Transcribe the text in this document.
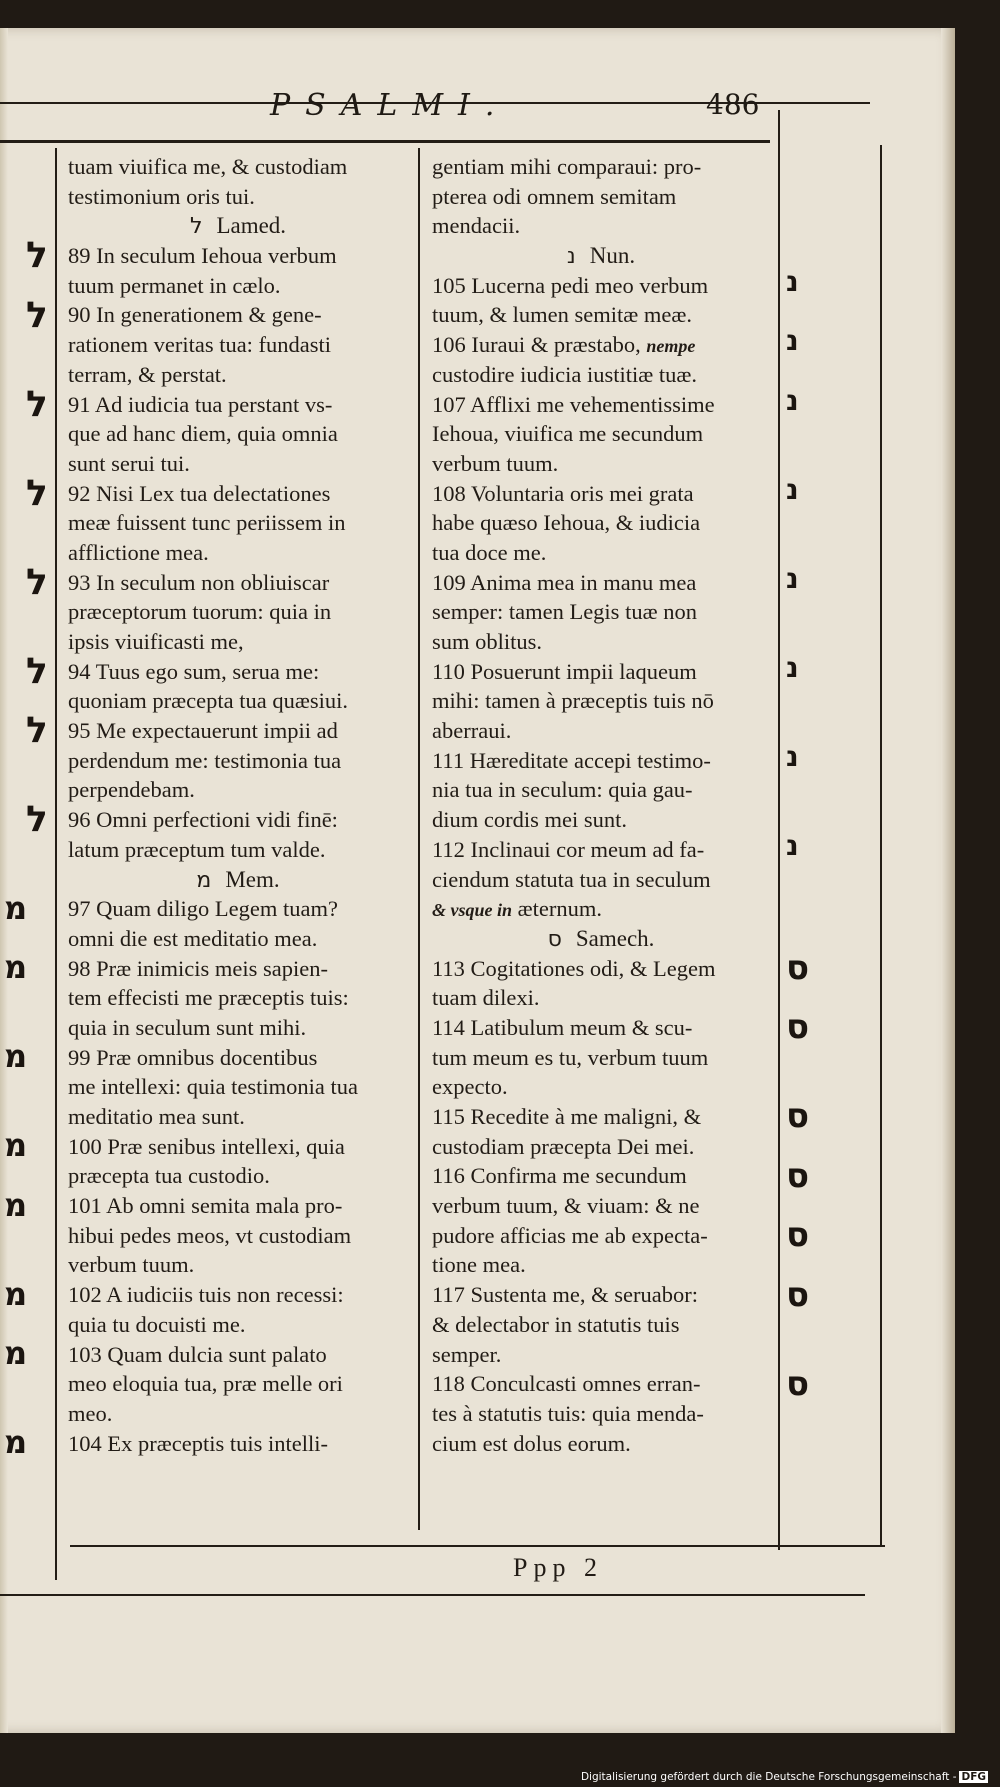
PSALMI.	486
tuam viuifica me, & custodiam
testimonium oris tui.
ל Lamed.
89 In seculum Iehoua verbum
tuum permanet in cælo.
90 In generationem & gene-
rationem veritas tua: fundasti
terram, & perstat.
91 Ad iudicia tua perstant vs-
que ad hanc diem, quia omnia
sunt serui tui.
92 Nisi Lex tua delectationes
meæ fuissent tunc periissem in
afflictione mea.
93 In seculum non obliuiscar
præceptorum tuorum: quia in
ipsis viuificasti me,
94 Tuus ego sum, serua me:
quoniam præcepta tua quæsiui.
95 Me expectauerunt impii ad
perdendum me: testimonia tua
perpendebam.
96 Omni perfectioni vidi finē:
latum præceptum tum valde.
מ Mem.
97 Quam diligo Legem tuam?
omni die est meditatio mea.
98 Præ inimicis meis sapien-
tem effecisti me præceptis tuis:
quia in seculum sunt mihi.
99 Præ omnibus docentibus
me intellexi: quia testimonia tua
meditatio mea sunt.
100 Præ senibus intellexi, quia
præcepta tua custodio.
101 Ab omni semita mala pro-
hibui pedes meos, vt custodiam
verbum tuum.
102 A iudiciis tuis non recessi:
quia tu docuisti me.
103 Quam dulcia sunt palato
meo eloquia tua, præ melle ori
meo.
104 Ex præceptis tuis intelli-
gentiam mihi comparaui: pro-
pterea odi omnem semitam
mendacii.
נ Nun.
105 Lucerna pedi meo verbum
tuum, & lumen semitæ meæ.
106 Iuraui & præstabo, nempe
custodire iudicia iustitiæ tuæ.
107 Afflixi me vehementissime
Iehoua, viuifica me secundum
verbum tuum.
108 Voluntaria oris mei grata
habe quæso Iehoua, & iudicia
tua doce me.
109 Anima mea in manu mea
semper: tamen Legis tuæ non
sum oblitus.
110 Posuerunt impii laqueum
mihi: tamen à præceptis tuis nō
aberraui.
111 Hæreditate accepi testimo-
nia tua in seculum: quia gau-
dium cordis mei sunt.
112 Inclinaui cor meum ad fa-
ciendum statuta tua in seculum
& vsque in æternum.
ס Samech.
113 Cogitationes odi, & Legem
tuam dilexi.
114 Latibulum meum & scu-
tum meum es tu, verbum tuum
expecto.
115 Recedite à me maligni, &
custodiam præcepta Dei mei.
116 Confirma me secundum
verbum tuum, & viuam: & ne
pudore afficias me ab expecta-
tione mea.
117 Sustenta me, & seruabor:
& delectabor in statutis tuis
semper.
118 Conculcasti omnes erran-
tes à statutis tuis: quia menda-
cium est dolus eorum.
ל
ל
ל
ל
ל
ל
ל
ל
מ
מ
מ
מ
מ
מ
מ
מ
נ
נ
נ
נ
נ
נ
נ
נ
ס
ס
ס
ס
ס
ס
ס
Ppp 2
Digitalisierung gefördert durch die Deutsche Forschungsgemeinschaft - DFG
